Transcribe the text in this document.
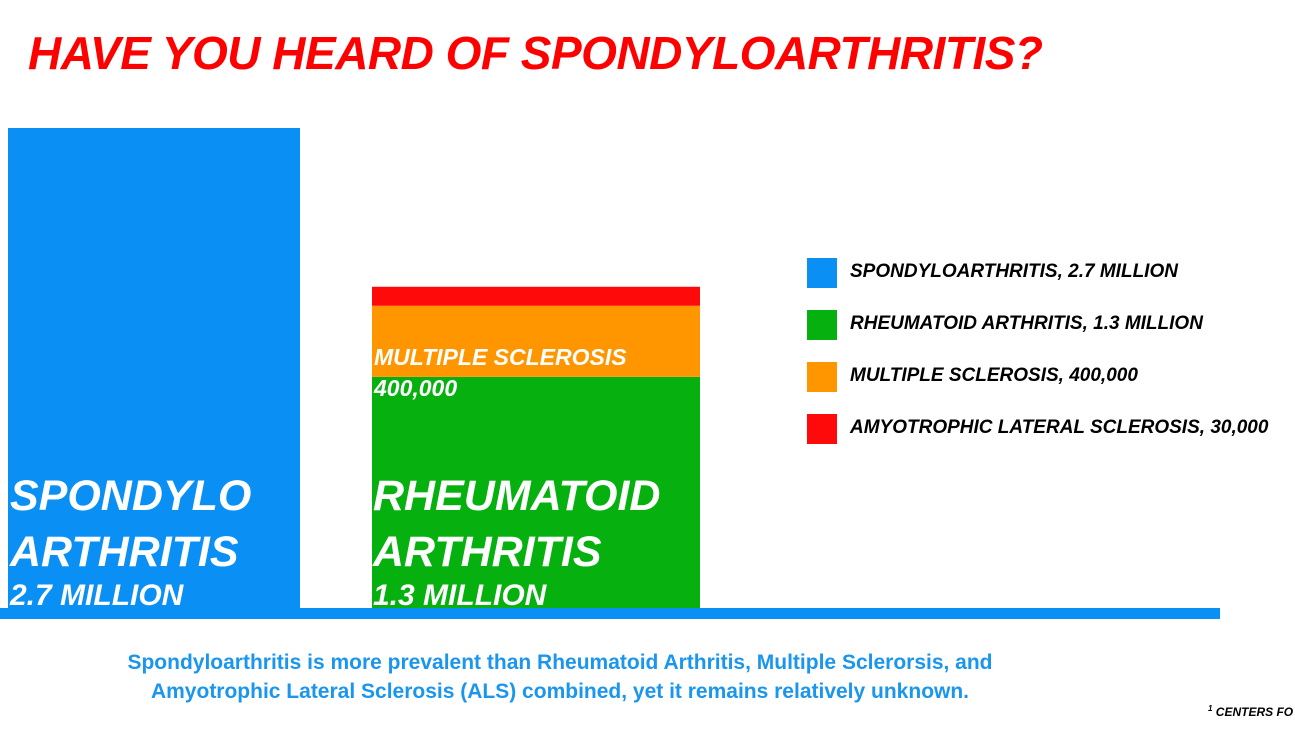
HAVE YOU HEARD OF SPONDYLOARTHRITIS?
SPONDYLO
ARTHRITIS
2.7 MILLION
MULTIPLE SCLEROSIS
400,000
RHEUMATOID
ARTHRITIS
1.3 MILLION
SPONDYLOARTHRITIS, 2.7 MILLION
RHEUMATOID ARTHRITIS, 1.3 MILLION
MULTIPLE SCLEROSIS, 400,000
AMYOTROPHIC LATERAL SCLEROSIS, 30,000
Spondyloarthritis is more prevalent than Rheumatoid Arthritis, Multiple Sclerorsis, and
Amyotrophic Lateral Sclerosis (ALS) combined, yet it remains relatively unknown.
$^1$ CENTERS FO
